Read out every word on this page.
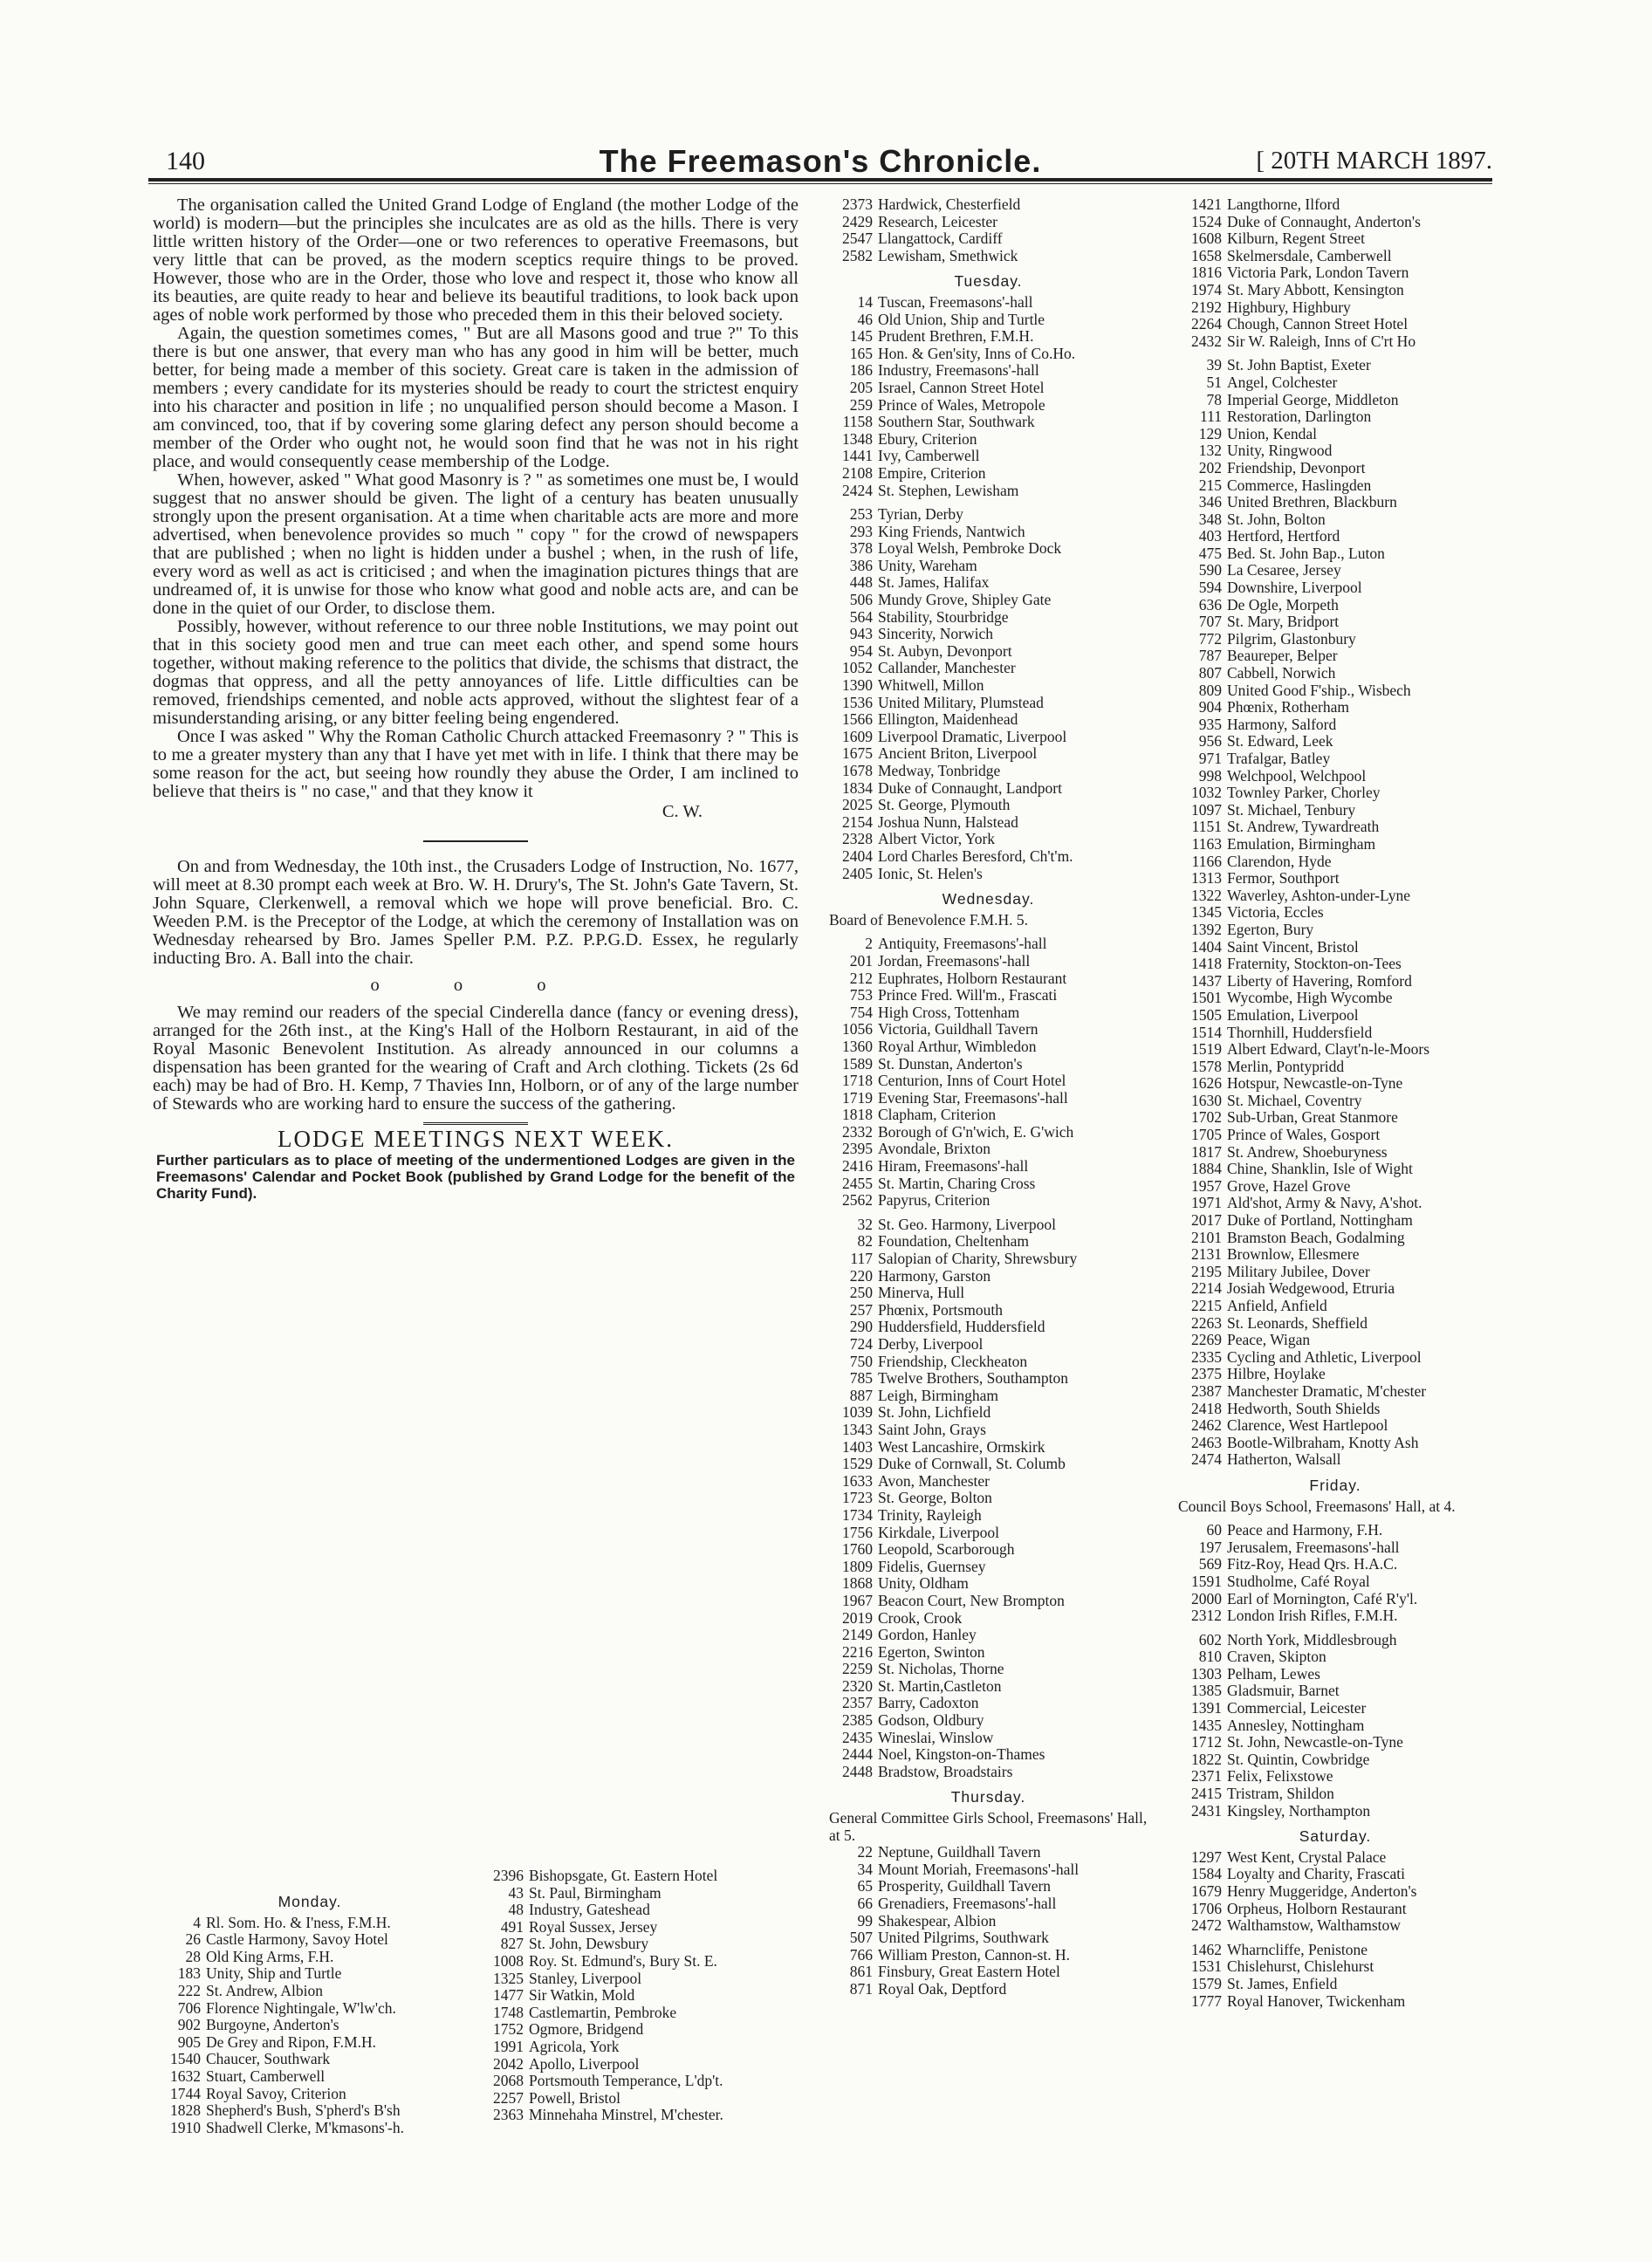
140	The Freemason's Chronicle.	[ 20TH MARCH 1897.

The organisation called the United Grand Lodge of England (the mother Lodge of the world) is modern—but the principles she inculcates are as old as the hills. There is very little written history of the Order—one or two references to operative Freemasons, but very little that can be proved, as the modern sceptics require things to be proved. However, those who are in the Order, those who love and respect it, those who know all its beauties, are quite ready to hear and believe its beautiful traditions, to look back upon ages of noble work performed by those who preceded them in this their beloved society.

Again, the question sometimes comes, " But are all Masons good and true ?" To this there is but one answer, that every man who has any good in him will be better, much better, for being made a member of this society. Great care is taken in the admission of members ; every candidate for its mysteries should be ready to court the strictest enquiry into his character and position in life ; no unqualified person should become a Mason. I am convinced, too, that if by covering some glaring defect any person should become a member of the Order who ought not, he would soon find that he was not in his right place, and would consequently cease membership of the Lodge.

When, however, asked " What good Masonry is ? " as sometimes one must be, I would suggest that no answer should be given. The light of a century has beaten unusually strongly upon the present organisation. At a time when charitable acts are more and more advertised, when benevolence provides so much " copy " for the crowd of newspapers that are published ; when no light is hidden under a bushel ; when, in the rush of life, every word as well as act is criticised ; and when the imagination pictures things that are undreamed of, it is unwise for those who know what good and noble acts are, and can be done in the quiet of our Order, to disclose them.

Possibly, however, without reference to our three noble Institutions, we may point out that in this society good men and true can meet each other, and spend some hours together, without making reference to the politics that divide, the schisms that distract, the dogmas that oppress, and all the petty annoyances of life. Little difficulties can be removed, friendships cemented, and noble acts approved, without the slightest fear of a misunderstanding arising, or any bitter feeling being engendered.

Once I was asked " Why the Roman Catholic Church attacked Freemasonry ? " This is to me a greater mystery than any that I have yet met with in life. I think that there may be some reason for the act, but seeing how roundly they abuse the Order, I am inclined to believe that theirs is " no case," and that they know it

C. W.

On and from Wednesday, the 10th inst., the Crusaders Lodge of Instruction, No. 1677, will meet at 8.30 prompt each week at Bro. W. H. Drury's, The St. John's Gate Tavern, St. John Square, Clerkenwell, a removal which we hope will prove beneficial. Bro. C. Weeden P.M. is the Preceptor of the Lodge, at which the ceremony of Installation was on Wednesday rehearsed by Bro. James Speller P.M. P.Z. P.P.G.D. Essex, he regularly inducting Bro. A. Ball into the chair.

o o o

We may remind our readers of the special Cinderella dance (fancy or evening dress), arranged for the 26th inst., at the King's Hall of the Holborn Restaurant, in aid of the Royal Masonic Benevolent Institution. As already announced in our columns a dispensation has been granted for the wearing of Craft and Arch clothing. Tickets (2s 6d each) may be had of Bro. H. Kemp, 7 Thavies Inn, Holborn, or of any of the large number of Stewards who are working hard to ensure the success of the gathering.

LODGE MEETINGS NEXT WEEK.
Further particulars as to place of meeting of the undermentioned Lodges are given in the Freemasons' Calendar and Pocket Book (published by Grand Lodge for the benefit of the Charity Fund).
Monday.
4 Rl. Som. Ho. & I'ness, F.M.H.
26 Castle Harmony, Savoy Hotel
28 Old King Arms, F.H.
183 Unity, Ship and Turtle
222 St. Andrew, Albion
706 Florence Nightingale, W'lw'ch.
902 Burgoyne, Anderton's
905 De Grey and Ripon, F.M.H.
1540 Chaucer, Southwark
1632 Stuart, Camberwell
1744 Royal Savoy, Criterion
1828 Shepherd's Bush, S'pherd's B'sh
1910 Shadwell Clerke, M'kmasons'-h.
2396 Bishopsgate, Gt. Eastern Hotel
43 St. Paul, Birmingham
48 Industry, Gateshead
491 Royal Sussex, Jersey
827 St. John, Dewsbury
1008 Roy. St. Edmund's, Bury St. E.
1325 Stanley, Liverpool
1477 Sir Watkin, Mold
1748 Castlemartin, Pembroke
1752 Ogmore, Bridgend
1991 Agricola, York
2042 Apollo, Liverpool
2068 Portsmouth Temperance, L'dp't.
2257 Powell, Bristol
2363 Minnehaha Minstrel, M'chester.
2373 Hardwick, Chesterfield
2429 Research, Leicester
2547 Llangattock, Cardiff
2582 Lewisham, Smethwick
Tuesday.
14 Tuscan, Freemasons'-hall
46 Old Union, Ship and Turtle
145 Prudent Brethren, F.M.H.
165 Hon. & Gen'sity, Inns of Co.Ho.
186 Industry, Freemasons'-hall
205 Israel, Cannon Street Hotel
259 Prince of Wales, Metropole
1158 Southern Star, Southwark
1348 Ebury, Criterion
1441 Ivy, Camberwell
2108 Empire, Criterion
2424 St. Stephen, Lewisham
253 Tyrian, Derby
293 King Friends, Nantwich
378 Loyal Welsh, Pembroke Dock
386 Unity, Wareham
448 St. James, Halifax
506 Mundy Grove, Shipley Gate
564 Stability, Stourbridge
943 Sincerity, Norwich
954 St. Aubyn, Devonport
1052 Callander, Manchester
1390 Whitwell, Millon
1536 United Military, Plumstead
1566 Ellington, Maidenhead
1609 Liverpool Dramatic, Liverpool
1675 Ancient Briton, Liverpool
1678 Medway, Tonbridge
1834 Duke of Connaught, Landport
2025 St. George, Plymouth
2154 Joshua Nunn, Halstead
2328 Albert Victor, York
2404 Lord Charles Beresford, Ch't'm.
2405 Ionic, St. Helen's
Wednesday.
Board of Benevolence F.M.H. 5.
2 Antiquity, Freemasons'-hall
201 Jordan, Freemasons'-hall
212 Euphrates, Holborn Restaurant
753 Prince Fred. Will'm., Frascati
754 High Cross, Tottenham
1056 Victoria, Guildhall Tavern
1360 Royal Arthur, Wimbledon
1589 St. Dunstan, Anderton's
1718 Centurion, Inns of Court Hotel
1719 Evening Star, Freemasons'-hall
1818 Clapham, Criterion
2332 Borough of G'n'wich, E. G'wich
2395 Avondale, Brixton
2416 Hiram, Freemasons'-hall
2455 St. Martin, Charing Cross
2562 Papyrus, Criterion
32 St. Geo. Harmony, Liverpool
82 Foundation, Cheltenham
117 Salopian of Charity, Shrewsbury
220 Harmony, Garston
250 Minerva, Hull
257 Phœnix, Portsmouth
290 Huddersfield, Huddersfield
724 Derby, Liverpool
750 Friendship, Cleckheaton
785 Twelve Brothers, Southampton
887 Leigh, Birmingham
1039 St. John, Lichfield
1343 Saint John, Grays
1403 West Lancashire, Ormskirk
1529 Duke of Cornwall, St. Columb
1633 Avon, Manchester
1723 St. George, Bolton
1734 Trinity, Rayleigh
1756 Kirkdale, Liverpool
1760 Leopold, Scarborough
1809 Fidelis, Guernsey
1868 Unity, Oldham
1967 Beacon Court, New Brompton
2019 Crook, Crook
2149 Gordon, Hanley
2216 Egerton, Swinton
2259 St. Nicholas, Thorne
2320 St. Martin,Castleton
2357 Barry, Cadoxton
2385 Godson, Oldbury
2435 Wineslai, Winslow
2444 Noel, Kingston-on-Thames
2448 Bradstow, Broadstairs
Thursday.
General Committee Girls School, Freemasons' Hall, at 5.
22 Neptune, Guildhall Tavern
34 Mount Moriah, Freemasons'-hall
65 Prosperity, Guildhall Tavern
66 Grenadiers, Freemasons'-hall
99 Shakespear, Albion
507 United Pilgrims, Southwark
766 William Preston, Cannon-st. H.
861 Finsbury, Great Eastern Hotel
871 Royal Oak, Deptford
1421 Langthorne, Ilford
1524 Duke of Connaught, Anderton's
1608 Kilburn, Regent Street
1658 Skelmersdale, Camberwell
1816 Victoria Park, London Tavern
1974 St. Mary Abbott, Kensington
2192 Highbury, Highbury
2264 Chough, Cannon Street Hotel
2432 Sir W. Raleigh, Inns of C'rt Ho
39 St. John Baptist, Exeter
51 Angel, Colchester
78 Imperial George, Middleton
111 Restoration, Darlington
129 Union, Kendal
132 Unity, Ringwood
202 Friendship, Devonport
215 Commerce, Haslingden
346 United Brethren, Blackburn
348 St. John, Bolton
403 Hertford, Hertford
475 Bed. St. John Bap., Luton
590 La Cesaree, Jersey
594 Downshire, Liverpool
636 De Ogle, Morpeth
707 St. Mary, Bridport
772 Pilgrim, Glastonbury
787 Beaureper, Belper
807 Cabbell, Norwich
809 United Good F'ship., Wisbech
904 Phœnix, Rotherham
935 Harmony, Salford
956 St. Edward, Leek
971 Trafalgar, Batley
998 Welchpool, Welchpool
1032 Townley Parker, Chorley
1097 St. Michael, Tenbury
1151 St. Andrew, Tywardreath
1163 Emulation, Birmingham
1166 Clarendon, Hyde
1313 Fermor, Southport
1322 Waverley, Ashton-under-Lyne
1345 Victoria, Eccles
1392 Egerton, Bury
1404 Saint Vincent, Bristol
1418 Fraternity, Stockton-on-Tees
1437 Liberty of Havering, Romford
1501 Wycombe, High Wycombe
1505 Emulation, Liverpool
1514 Thornhill, Huddersfield
1519 Albert Edward, Clayt'n-le-Moors
1578 Merlin, Pontypridd
1626 Hotspur, Newcastle-on-Tyne
1630 St. Michael, Coventry
1702 Sub-Urban, Great Stanmore
1705 Prince of Wales, Gosport
1817 St. Andrew, Shoeburyness
1884 Chine, Shanklin, Isle of Wight
1957 Grove, Hazel Grove
1971 Ald'shot, Army & Navy, A'shot.
2017 Duke of Portland, Nottingham
2101 Bramston Beach, Godalming
2131 Brownlow, Ellesmere
2195 Military Jubilee, Dover
2214 Josiah Wedgewood, Etruria
2215 Anfield, Anfield
2263 St. Leonards, Sheffield
2269 Peace, Wigan
2335 Cycling and Athletic, Liverpool
2375 Hilbre, Hoylake
2387 Manchester Dramatic, M'chester
2418 Hedworth, South Shields
2462 Clarence, West Hartlepool
2463 Bootle-Wilbraham, Knotty Ash
2474 Hatherton, Walsall
Friday.
Council Boys School, Freemasons' Hall, at 4.
60 Peace and Harmony, F.H.
197 Jerusalem, Freemasons'-hall
569 Fitz-Roy, Head Qrs. H.A.C.
1591 Studholme, Café Royal
2000 Earl of Mornington, Café R'y'l.
2312 London Irish Rifles, F.M.H.
602 North York, Middlesbrough
810 Craven, Skipton
1303 Pelham, Lewes
1385 Gladsmuir, Barnet
1391 Commercial, Leicester
1435 Annesley, Nottingham
1712 St. John, Newcastle-on-Tyne
1822 St. Quintin, Cowbridge
2371 Felix, Felixstowe
2415 Tristram, Shildon
2431 Kingsley, Northampton
Saturday.
1297 West Kent, Crystal Palace
1584 Loyalty and Charity, Frascati
1679 Henry Muggeridge, Anderton's
1706 Orpheus, Holborn Restaurant
2472 Walthamstow, Walthamstow
1462 Wharncliffe, Penistone
1531 Chislehurst, Chislehurst
1579 St. James, Enfield
1777 Royal Hanover, Twickenham
